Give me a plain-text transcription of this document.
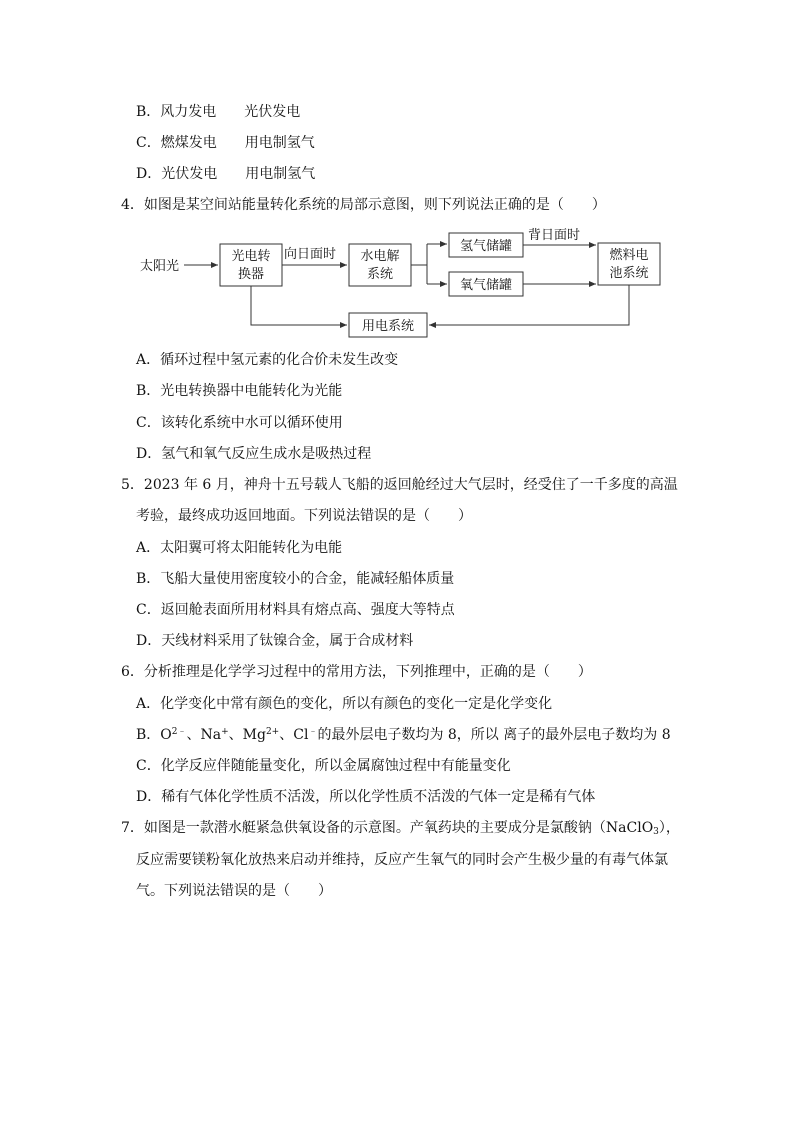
B．风力发电　　光伏发电
C．燃煤发电　　用电制氢气
D．光伏发电　　用电制氢气
4．如图是某空间站能量转化系统的局部示意图，则下列说法正确的是（　　）
太阳光
光电转
换器
向日面时 水电解
系统
氢气储罐
氧气储罐
背日面时
燃料电
池系统
用电系统
A．循环过程中氢元素的化合价未发生改变
B．光电转换器中电能转化为光能
C．该转化系统中水可以循环使用
D．氢气和氧气反应生成水是吸热过程
5．2023 年 6 月，神舟十五号载人飞船的返回舱经过大气层时，经受住了一千多度的高温
考验，最终成功返回地面。下列说法错误的是（　　）
A．太阳翼可将太阳能转化为电能
B．飞船大量使用密度较小的合金，能减轻船体质量
C．返回舱表面所用材料具有熔点高、强度大等特点
D．天线材料采用了钛镍合金，属于合成材料
6．分析推理是化学学习过程中的常用方法，下列推理中，正确的是（　　）
A．化学变化中常有颜色的变化，所以有颜色的变化一定是化学变化
B．$O^{2﹣}$、Na+、$Mg^{2+}$、Cl﹣的最外层电子数均为 8，所以 离子的最外层电子数均为 8
C．化学反应伴随能量变化，所以金属腐蚀过程中有能量变化
D．稀有气体化学性质不活泼，所以化学性质不活泼的气体一定是稀有气体
7．如图是一款潜水艇紧急供氧设备的示意图。产氧药块的主要成分是氯酸钠（NaClO$_3$），
反应需要镁粉氧化放热来启动并维持，反应产生氧气的同时会产生极少量的有毒气体氯
气。下列说法错误的是（　　）
